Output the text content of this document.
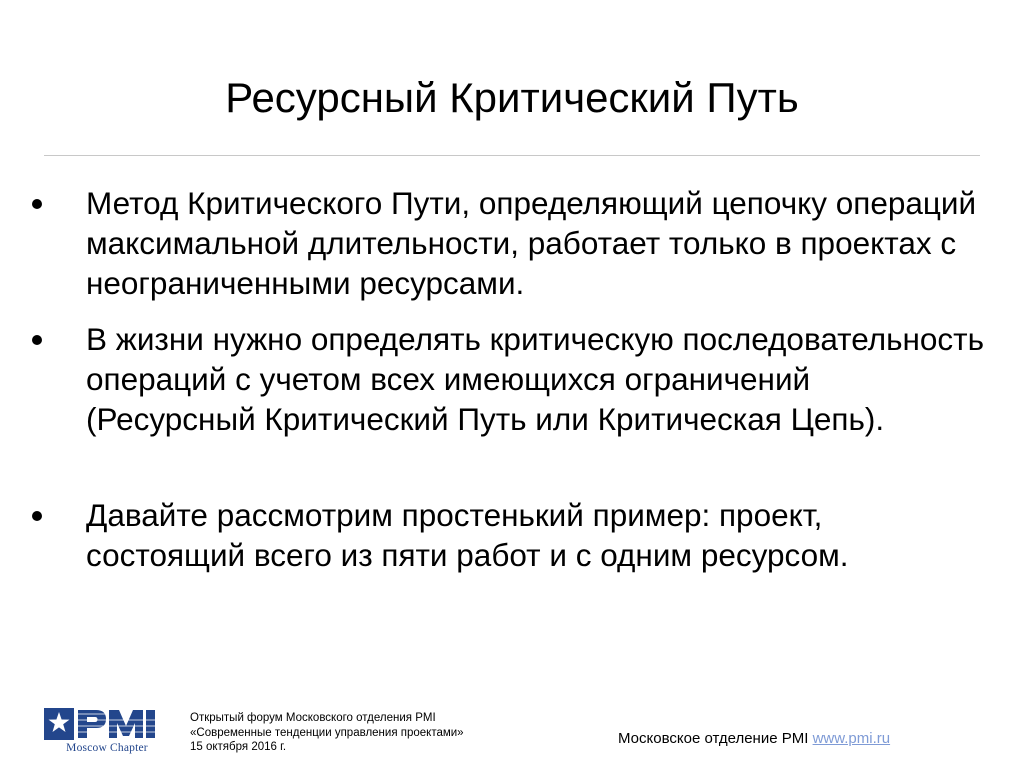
Ресурсный Критический Путь
Метод Критического Пути, определяющий цепочку операций максимальной длительности, работает только в проектах с неограниченными ресурсами.
В жизни нужно определять критическую последовательность операций с учетом всех имеющихся ограничений (Ресурсный Критический Путь или Критическая Цепь).
Давайте рассмотрим простенький пример: проект, состоящий всего из пяти работ и с одним ресурсом.
Moscow Chapter
Открытый форум Московского отделения PMI
«Современные тенденции управления проектами»
15 октября 2016 г.	Московское отделение PMI www.pmi.ru
